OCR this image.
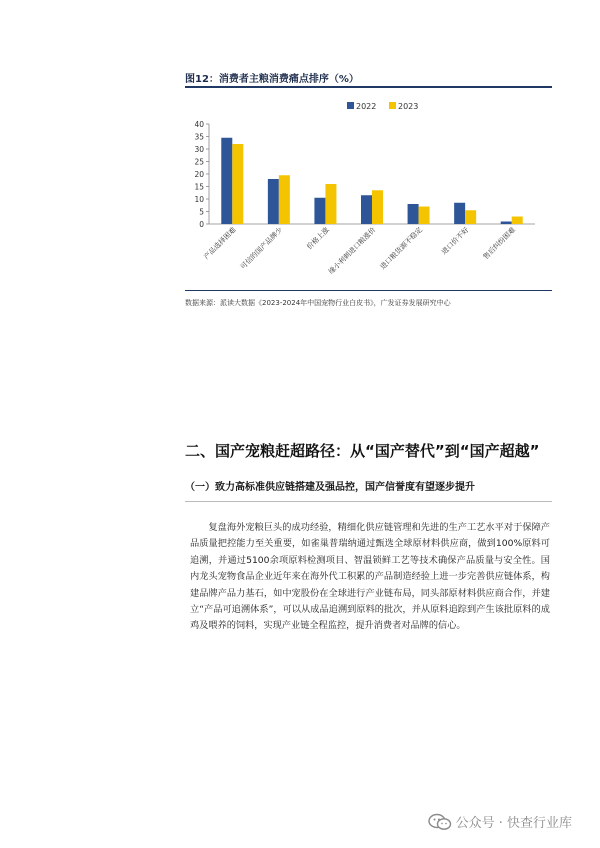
图12：消费者主粮消费痛点排序（%）
2022	2023
0
5
10
15
20
25
30
35
40
产品选择困难 可信的国产品牌少	价格上涨
缘小利刺进口粮涨价 进口粮货源不稳定 进口价不好 售后纠纷困难
数据来源：派读大数据《2023-2024年中国宠物行业白皮书》，广发证券发展研究中心
二、国产宠粮赶超路径：从“国产替代”到“国产超越”
（一）致力高标准供应链搭建及强品控，国产信誉度有望逐步提升
复盘海外宠粮巨头的成功经验，精细化供应链管理和先进的生产工艺水平对于保障产品质量把控能力至关重要，如雀巢普瑞纳通过甄选全球原材料供应商，做到100%原料可追溯，并通过5100余项原料检测项目、智温锁鲜工艺等技术确保产品质量与安全性。国内龙头宠物食品企业近年来在海外代工积累的产品制造经验上进一步完善供应链体系，构建品牌产品力基石，如中宠股份在全球进行产业链布局，同头部原材料供应商合作，并建立“产品可追溯体系”，可以从成品追溯到原料的批次，并从原料追踪到产生该批原料的成鸡及喂养的饲料，实现产业链全程监控，提升消费者对品牌的信心。
公众号 · 快查行业库
